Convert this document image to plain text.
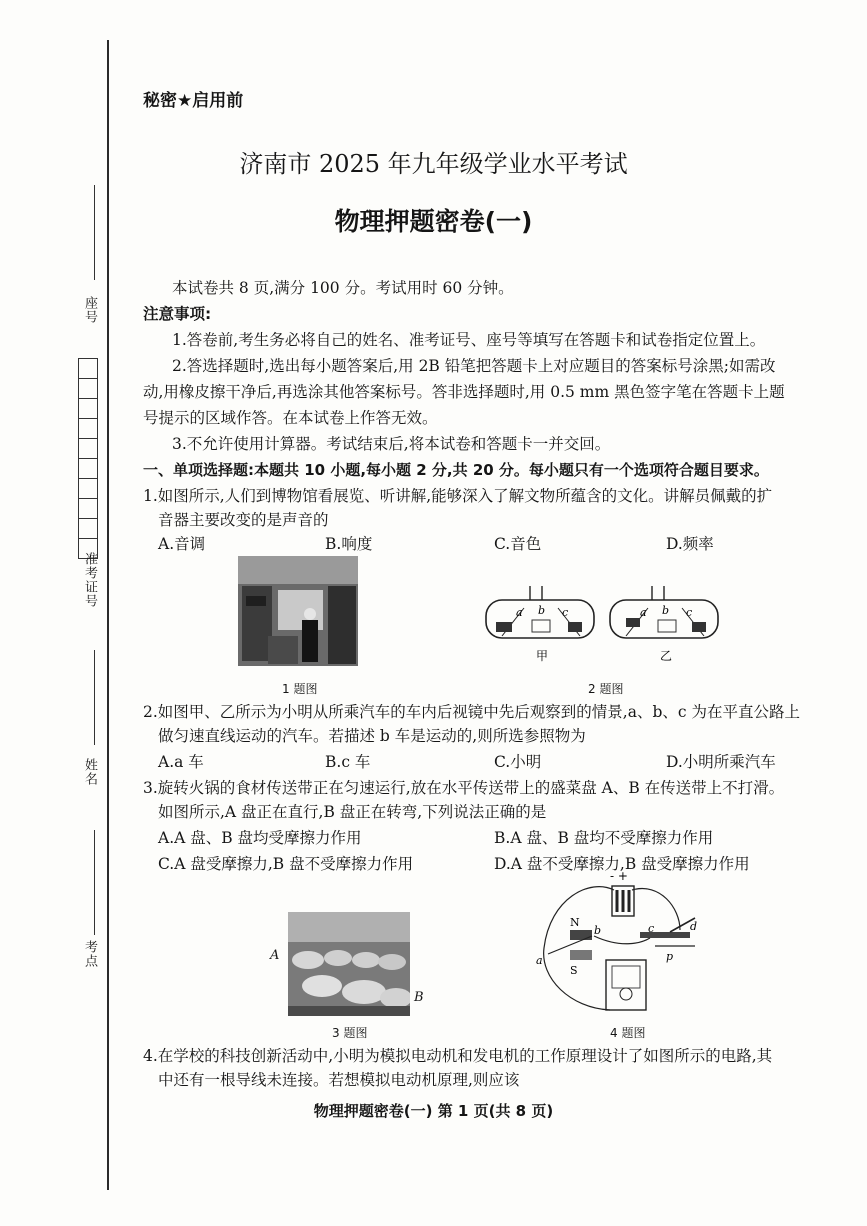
座号
准考证号
姓名
考点
秘密★启用前
济南市 2025 年九年级学业水平考试
物理押题密卷(一)
本试卷共 8 页,满分 100 分。考试用时 60 分钟。
注意事项:
1.答卷前,考生务必将自己的姓名、准考证号、座号等填写在答题卡和试卷指定位置上。
2.答选择题时,选出每小题答案后,用 2B 铅笔把答题卡上对应题目的答案标号涂黑;如需改
动,用橡皮擦干净后,再选涂其他答案标号。答非选择题时,用 0.5 mm 黑色签字笔在答题卡上题
号提示的区域作答。在本试卷上作答无效。
3.不允许使用计算器。考试结束后,将本试卷和答题卡一并交回。
一、单项选择题:本题共 10 小题,每小题 2 分,共 20 分。每小题只有一个选项符合题目要求。
1.如图所示,人们到博物馆看展览、听讲解,能够深入了解文物所蕴含的文化。讲解员佩戴的扩
音器主要改变的是声音的
A.音调	B.响度	C.音色	D.频率
1 题图
a b c	a b c
甲	乙
2 题图
2.如图甲、乙所示为小明从所乘汽车的车内后视镜中先后观察到的情景,a、b、c 为在平直公路上
做匀速直线运动的汽车。若描述 b 车是运动的,则所选参照物为
A.a 车	B.c 车	C.小明	D.小明所乘汽车
3.旋转火锅的食材传送带正在匀速运行,放在水平传送带上的盛菜盘 A、B 在传送带上不打滑。
如图所示,A 盘正在直行,B 盘正在转弯,下列说法正确的是
A.A 盘、B 盘均受摩擦力作用	B.A 盘、B 盘均不受摩擦力作用
C.A 盘受摩擦力,B 盘不受摩擦力作用	D.A 盘不受摩擦力,B 盘受摩擦力作用
A
B
3 题图
- +
N
S
a
b	c	d
p
4 题图
4.在学校的科技创新活动中,小明为模拟电动机和发电机的工作原理设计了如图所示的电路,其
中还有一根导线未连接。若想模拟电动机原理,则应该
物理押题密卷(一) 第 1 页(共 8 页)
